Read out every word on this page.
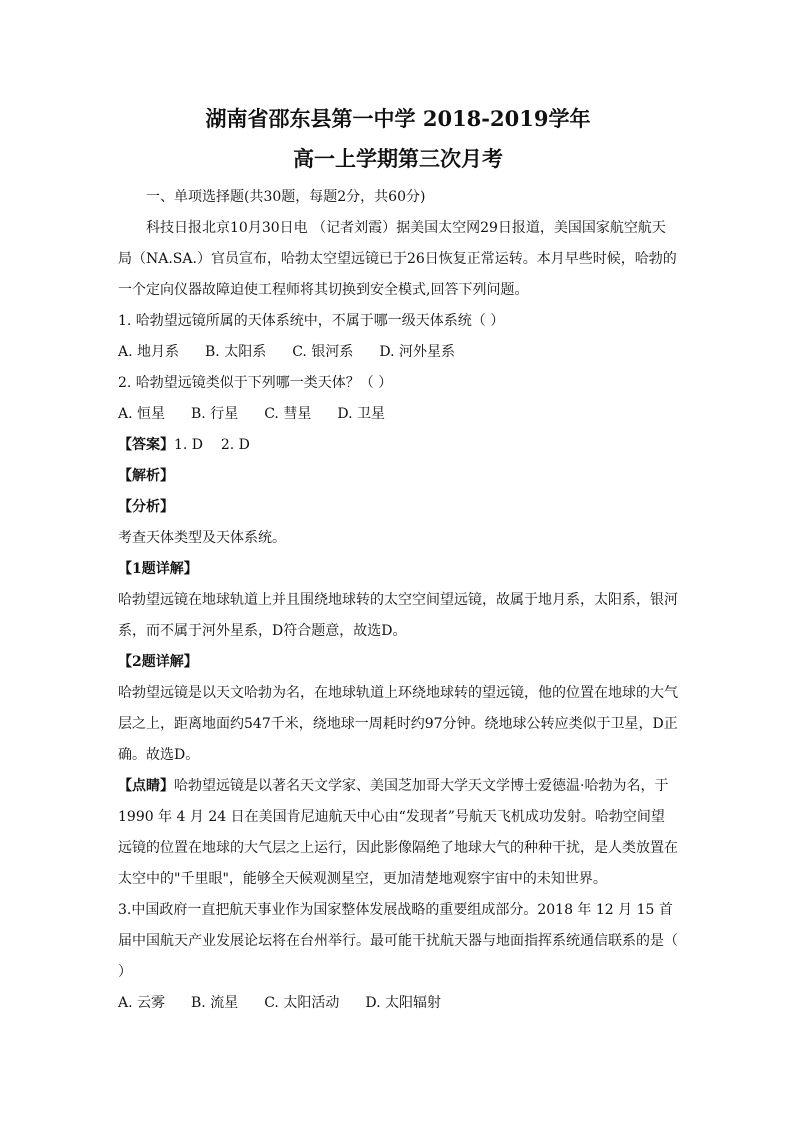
湖南省邵东县第一中学 2018-2019学年
高一上学期第三次月考

一、单项选择题(共30题，每题2分，共60分)

科技日报北京10月30日电 （记者刘霞）据美国太空网29日报道，美国国家航空航天局（NA.SA.）官员宣布，哈勃太空望远镜已于26日恢复正常运转。本月早些时候，哈勃的一个定向仪器故障迫使工程师将其切换到安全模式,回答下列问题。

1. 哈勃望远镜所属的天体系统中，不属于哪一级天体系统（ ）

A. 地月系 B. 太阳系 C. 银河系 D. 河外星系

2. 哈勃望远镜类似于下列哪一类天体？（ ）

A. 恒星 B. 行星 C. 彗星 D. 卫星

【答案】1. D    2. D

【解析】

【分析】

考查天体类型及天体系统。

【1题详解】

哈勃望远镜在地球轨道上并且围绕地球转的太空空间望远镜，故属于地月系，太阳系，银河系，而不属于河外星系，D符合题意，故选D。

【2题详解】

哈勃望远镜是以天文哈勃为名，在地球轨道上环绕地球转的望远镜，他的位置在地球的大气层之上，距离地面约547千米，绕地球一周耗时约97分钟。绕地球公转应类似于卫星，D正确。故选D。

【点睛】哈勃望远镜是以著名天文学家、美国芝加哥大学天文学博士爱德温·哈勃为名，于 1990 年 4 月 24 日在美国肯尼迪航天中心由“发现者”号航天飞机成功发射。哈勃空间望远镜的位置在地球的大气层之上运行，因此影像隔绝了地球大气的种种干扰，是人类放置在太空中的"千里眼"，能够全天候观测星空，更加清楚地观察宇宙中的未知世界。

3.中国政府一直把航天事业作为国家整体发展战略的重要组成部分。2018 年 12 月 15 首届中国航天产业发展论坛将在台州举行。最可能干扰航天器与地面指挥系统通信联系的是（ ）

A. 云雾 B. 流星 C. 太阳活动 D. 太阳辐射
